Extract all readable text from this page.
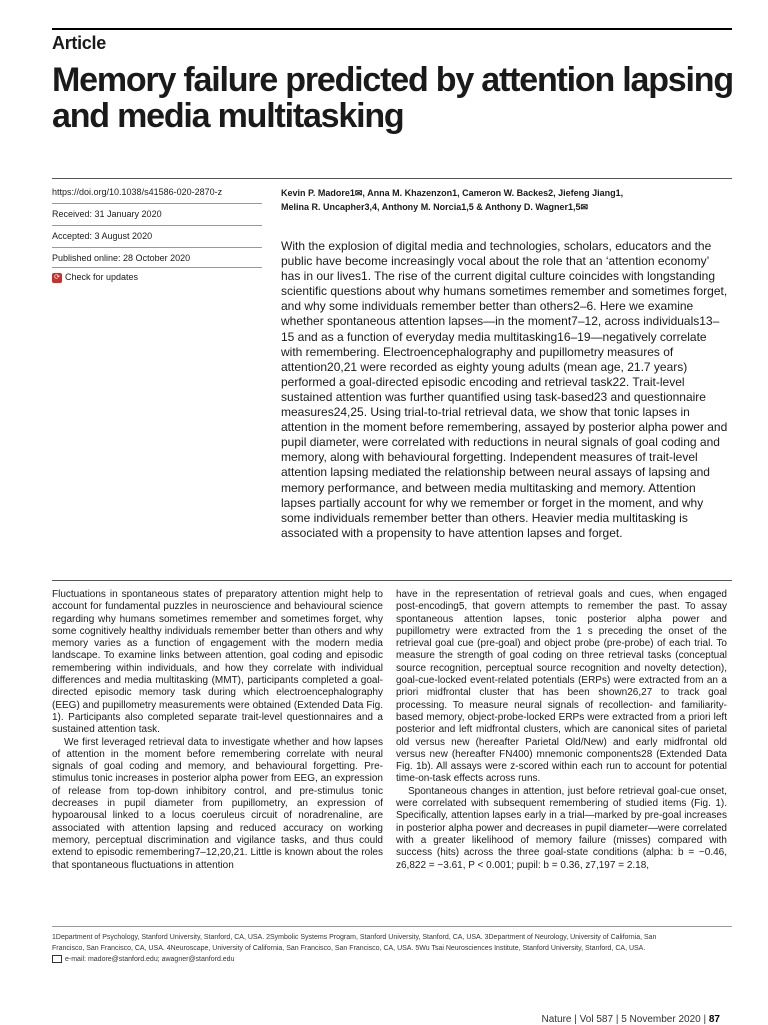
Article
Memory failure predicted by attention lapsing and media multitasking
https://doi.org/10.1038/s41586-020-2870-z
Received: 31 January 2020
Accepted: 3 August 2020
Published online: 28 October 2020
⟳ Check for updates
Kevin P. Madore1✉, Anna M. Khazenzon1, Cameron W. Backes2, Jiefeng Jiang1,
Melina R. Uncapher3,4, Anthony M. Norcia1,5 & Anthony D. Wagner1,5✉
With the explosion of digital media and technologies, scholars, educators and the public have become increasingly vocal about the role that an ‘attention economy’ has in our lives1. The rise of the current digital culture coincides with longstanding scientific questions about why humans sometimes remember and sometimes forget, and why some individuals remember better than others2–6. Here we examine whether spontaneous attention lapses—in the moment7–12, across individuals13–15 and as a function of everyday media multitasking16–19—negatively correlate with remembering. Electroencephalography and pupillometry measures of attention20,21 were recorded as eighty young adults (mean age, 21.7 years) performed a goal-directed episodic encoding and retrieval task22. Trait-level sustained attention was further quantified using task-based23 and questionnaire measures24,25. Using trial-to-trial retrieval data, we show that tonic lapses in attention in the moment before remembering, assayed by posterior alpha power and pupil diameter, were correlated with reductions in neural signals of goal coding and memory, along with behavioural forgetting. Independent measures of trait-level attention lapsing mediated the relationship between neural assays of lapsing and memory performance, and between media multitasking and memory. Attention lapses partially account for why we remember or forget in the moment, and why some individuals remember better than others. Heavier media multitasking is associated with a propensity to have attention lapses and forget.

Fluctuations in spontaneous states of preparatory attention might help to account for fundamental puzzles in neuroscience and behavioural science regarding why humans sometimes remember and sometimes forget, why some cognitively healthy individuals remember better than others and why memory varies as a function of engagement with the modern media landscape. To examine links between attention, goal coding and episodic remembering within individuals, and how they correlate with individual differences and media multitasking (MMT), participants completed a goal-directed episodic memory task during which electroencephalography (EEG) and pupillometry measurements were obtained (Extended Data Fig. 1). Participants also completed separate trait-level questionnaires and a sustained attention task.

We first leveraged retrieval data to investigate whether and how lapses of attention in the moment before remembering correlate with neural signals of goal coding and memory, and behavioural forgetting. Pre-stimulus tonic increases in posterior alpha power from EEG, an expression of release from top-down inhibitory control, and pre-stimulus tonic decreases in pupil diameter from pupillometry, an expression of hypoarousal linked to a locus coeruleus circuit of noradrenaline, are associated with attention lapsing and reduced accuracy on working memory, perceptual discrimination and vigilance tasks, and thus could extend to episodic remembering7–12,20,21. Little is known about the roles that spontaneous fluctuations in attention

have in the representation of retrieval goals and cues, when engaged post-encoding5, that govern attempts to remember the past. To assay spontaneous attention lapses, tonic posterior alpha power and pupillometry were extracted from the 1 s preceding the onset of the retrieval goal cue (pre-goal) and object probe (pre-probe) of each trial. To measure the strength of goal coding on three retrieval tasks (conceptual source recognition, perceptual source recognition and novelty detection), goal-cue-locked event-related potentials (ERPs) were extracted from an a priori midfrontal cluster that has been shown26,27 to track goal processing. To measure neural signals of recollection- and familiarity-based memory, object-probe-locked ERPs were extracted from a priori left posterior and left midfrontal clusters, which are canonical sites of parietal old versus new (hereafter Parietal Old/New) and early midfrontal old versus new (hereafter FN400) mnemonic components28 (Extended Data Fig. 1b). All assays were z-scored within each run to account for potential time-on-task effects across runs.

Spontaneous changes in attention, just before retrieval goal-cue onset, were correlated with subsequent remembering of studied items (Fig. 1). Specifically, attention lapses early in a trial—marked by pre-goal increases in posterior alpha power and decreases in pupil diameter—were correlated with a greater likelihood of memory failure (misses) compared with success (hits) across the three goal-state conditions (alpha: b = −0.46, z6,822 = −3.61, P < 0.001; pupil: b = 0.36, z7,197 = 2.18,

1Department of Psychology, Stanford University, Stanford, CA, USA. 2Symbolic Systems Program, Stanford University, Stanford, CA, USA. 3Department of Neurology, University of California, San
Francisco, San Francisco, CA, USA. 4Neuroscape, University of California, San Francisco, San Francisco, CA, USA. 5Wu Tsai Neurosciences Institute, Stanford University, Stanford, CA, USA.
e-mail: madore@stanford.edu; awagner@stanford.edu
Nature | Vol 587 | 5 November 2020 | 87
